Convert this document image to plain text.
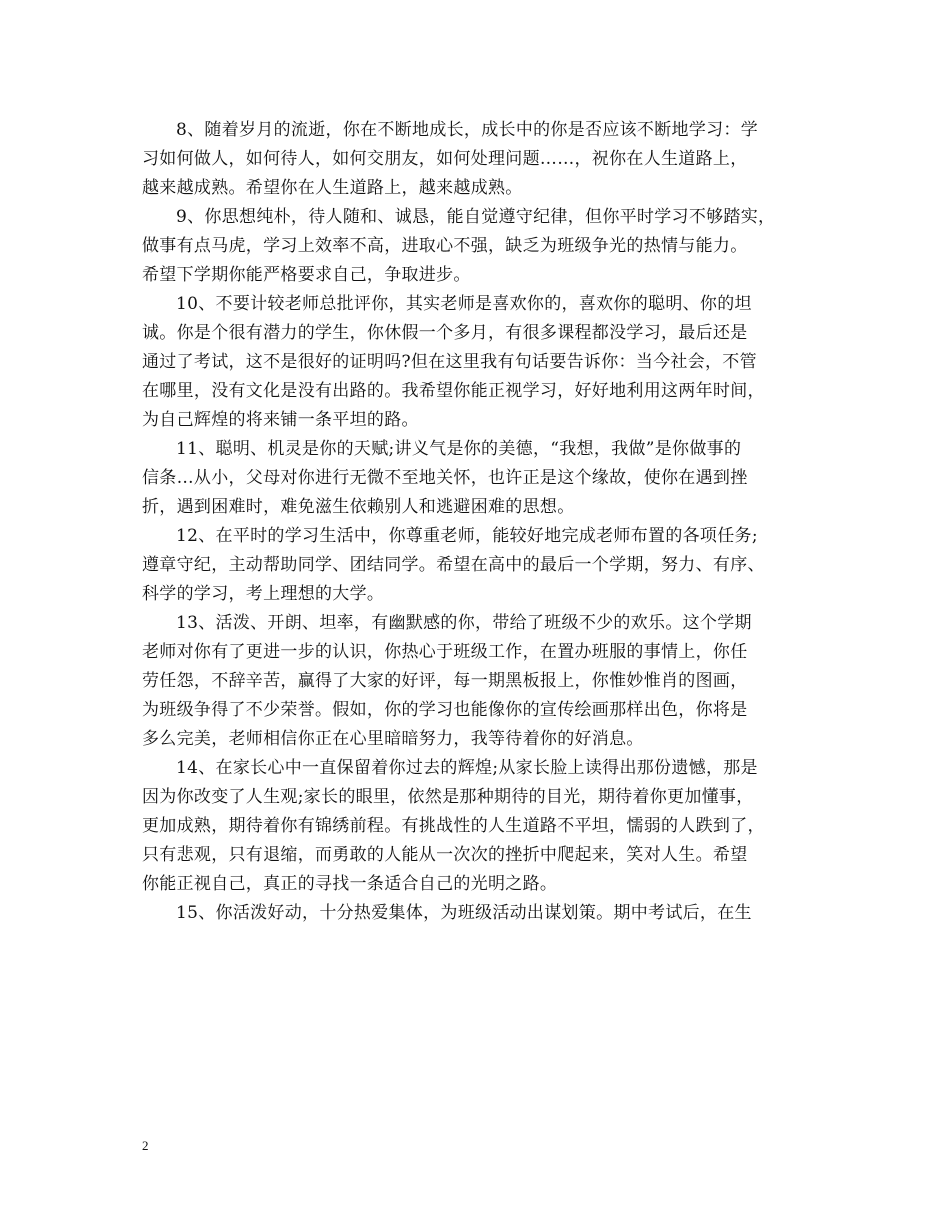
8、随着岁月的流逝，你在不断地成长，成长中的你是否应该不断地学习：学
习如何做人，如何待人，如何交朋友，如何处理问题……，祝你在人生道路上，
越来越成熟。希望你在人生道路上，越来越成熟。
9、你思想纯朴，待人随和、诚恳，能自觉遵守纪律，但你平时学习不够踏实，
做事有点马虎，学习上效率不高，进取心不强，缺乏为班级争光的热情与能力。
希望下学期你能严格要求自己，争取进步。
10、不要计较老师总批评你，其实老师是喜欢你的，喜欢你的聪明、你的坦
诚。你是个很有潜力的学生，你休假一个多月，有很多课程都没学习，最后还是
通过了考试，这不是很好的证明吗?但在这里我有句话要告诉你：当今社会，不管
在哪里，没有文化是没有出路的。我希望你能正视学习，好好地利用这两年时间，
为自己辉煌的将来铺一条平坦的路。
11、聪明、机灵是你的天赋;讲义气是你的美德，“我想，我做”是你做事的
信条…从小，父母对你进行无微不至地关怀，也许正是这个缘故，使你在遇到挫
折，遇到困难时，难免滋生依赖别人和逃避困难的思想。
12、在平时的学习生活中，你尊重老师，能较好地完成老师布置的各项任务;
遵章守纪，主动帮助同学、团结同学。希望在高中的最后一个学期，努力、有序、
科学的学习，考上理想的大学。
13、活泼、开朗、坦率，有幽默感的你，带给了班级不少的欢乐。这个学期
老师对你有了更进一步的认识，你热心于班级工作，在置办班服的事情上，你任
劳任怨，不辞辛苦，赢得了大家的好评，每一期黑板报上，你惟妙惟肖的图画，
为班级争得了不少荣誉。假如，你的学习也能像你的宣传绘画那样出色，你将是
多么完美，老师相信你正在心里暗暗努力，我等待着你的好消息。
14、在家长心中一直保留着你过去的辉煌;从家长脸上读得出那份遗憾，那是
因为你改变了人生观;家长的眼里，依然是那种期待的目光，期待着你更加懂事，
更加成熟，期待着你有锦绣前程。有挑战性的人生道路不平坦，懦弱的人跌到了，
只有悲观，只有退缩，而勇敢的人能从一次次的挫折中爬起来，笑对人生。希望
你能正视自己，真正的寻找一条适合自己的光明之路。
15、你活泼好动，十分热爱集体，为班级活动出谋划策。期中考试后，在生
2
